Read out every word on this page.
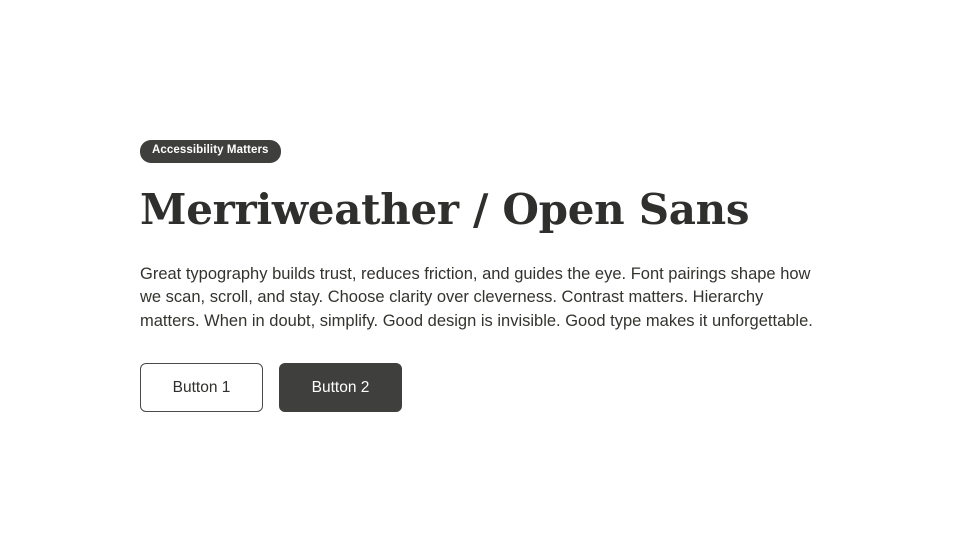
Accessibility Matters
Merriweather / Open Sans

Great typography builds trust, reduces friction, and guides the eye. Font pairings shape how we scan, scroll, and stay. Choose clarity over cleverness. Contrast matters. Hierarchy matters. When in doubt, simplify. Good design is invisible. Good type makes it unforgettable.

Button 1	Button 2
